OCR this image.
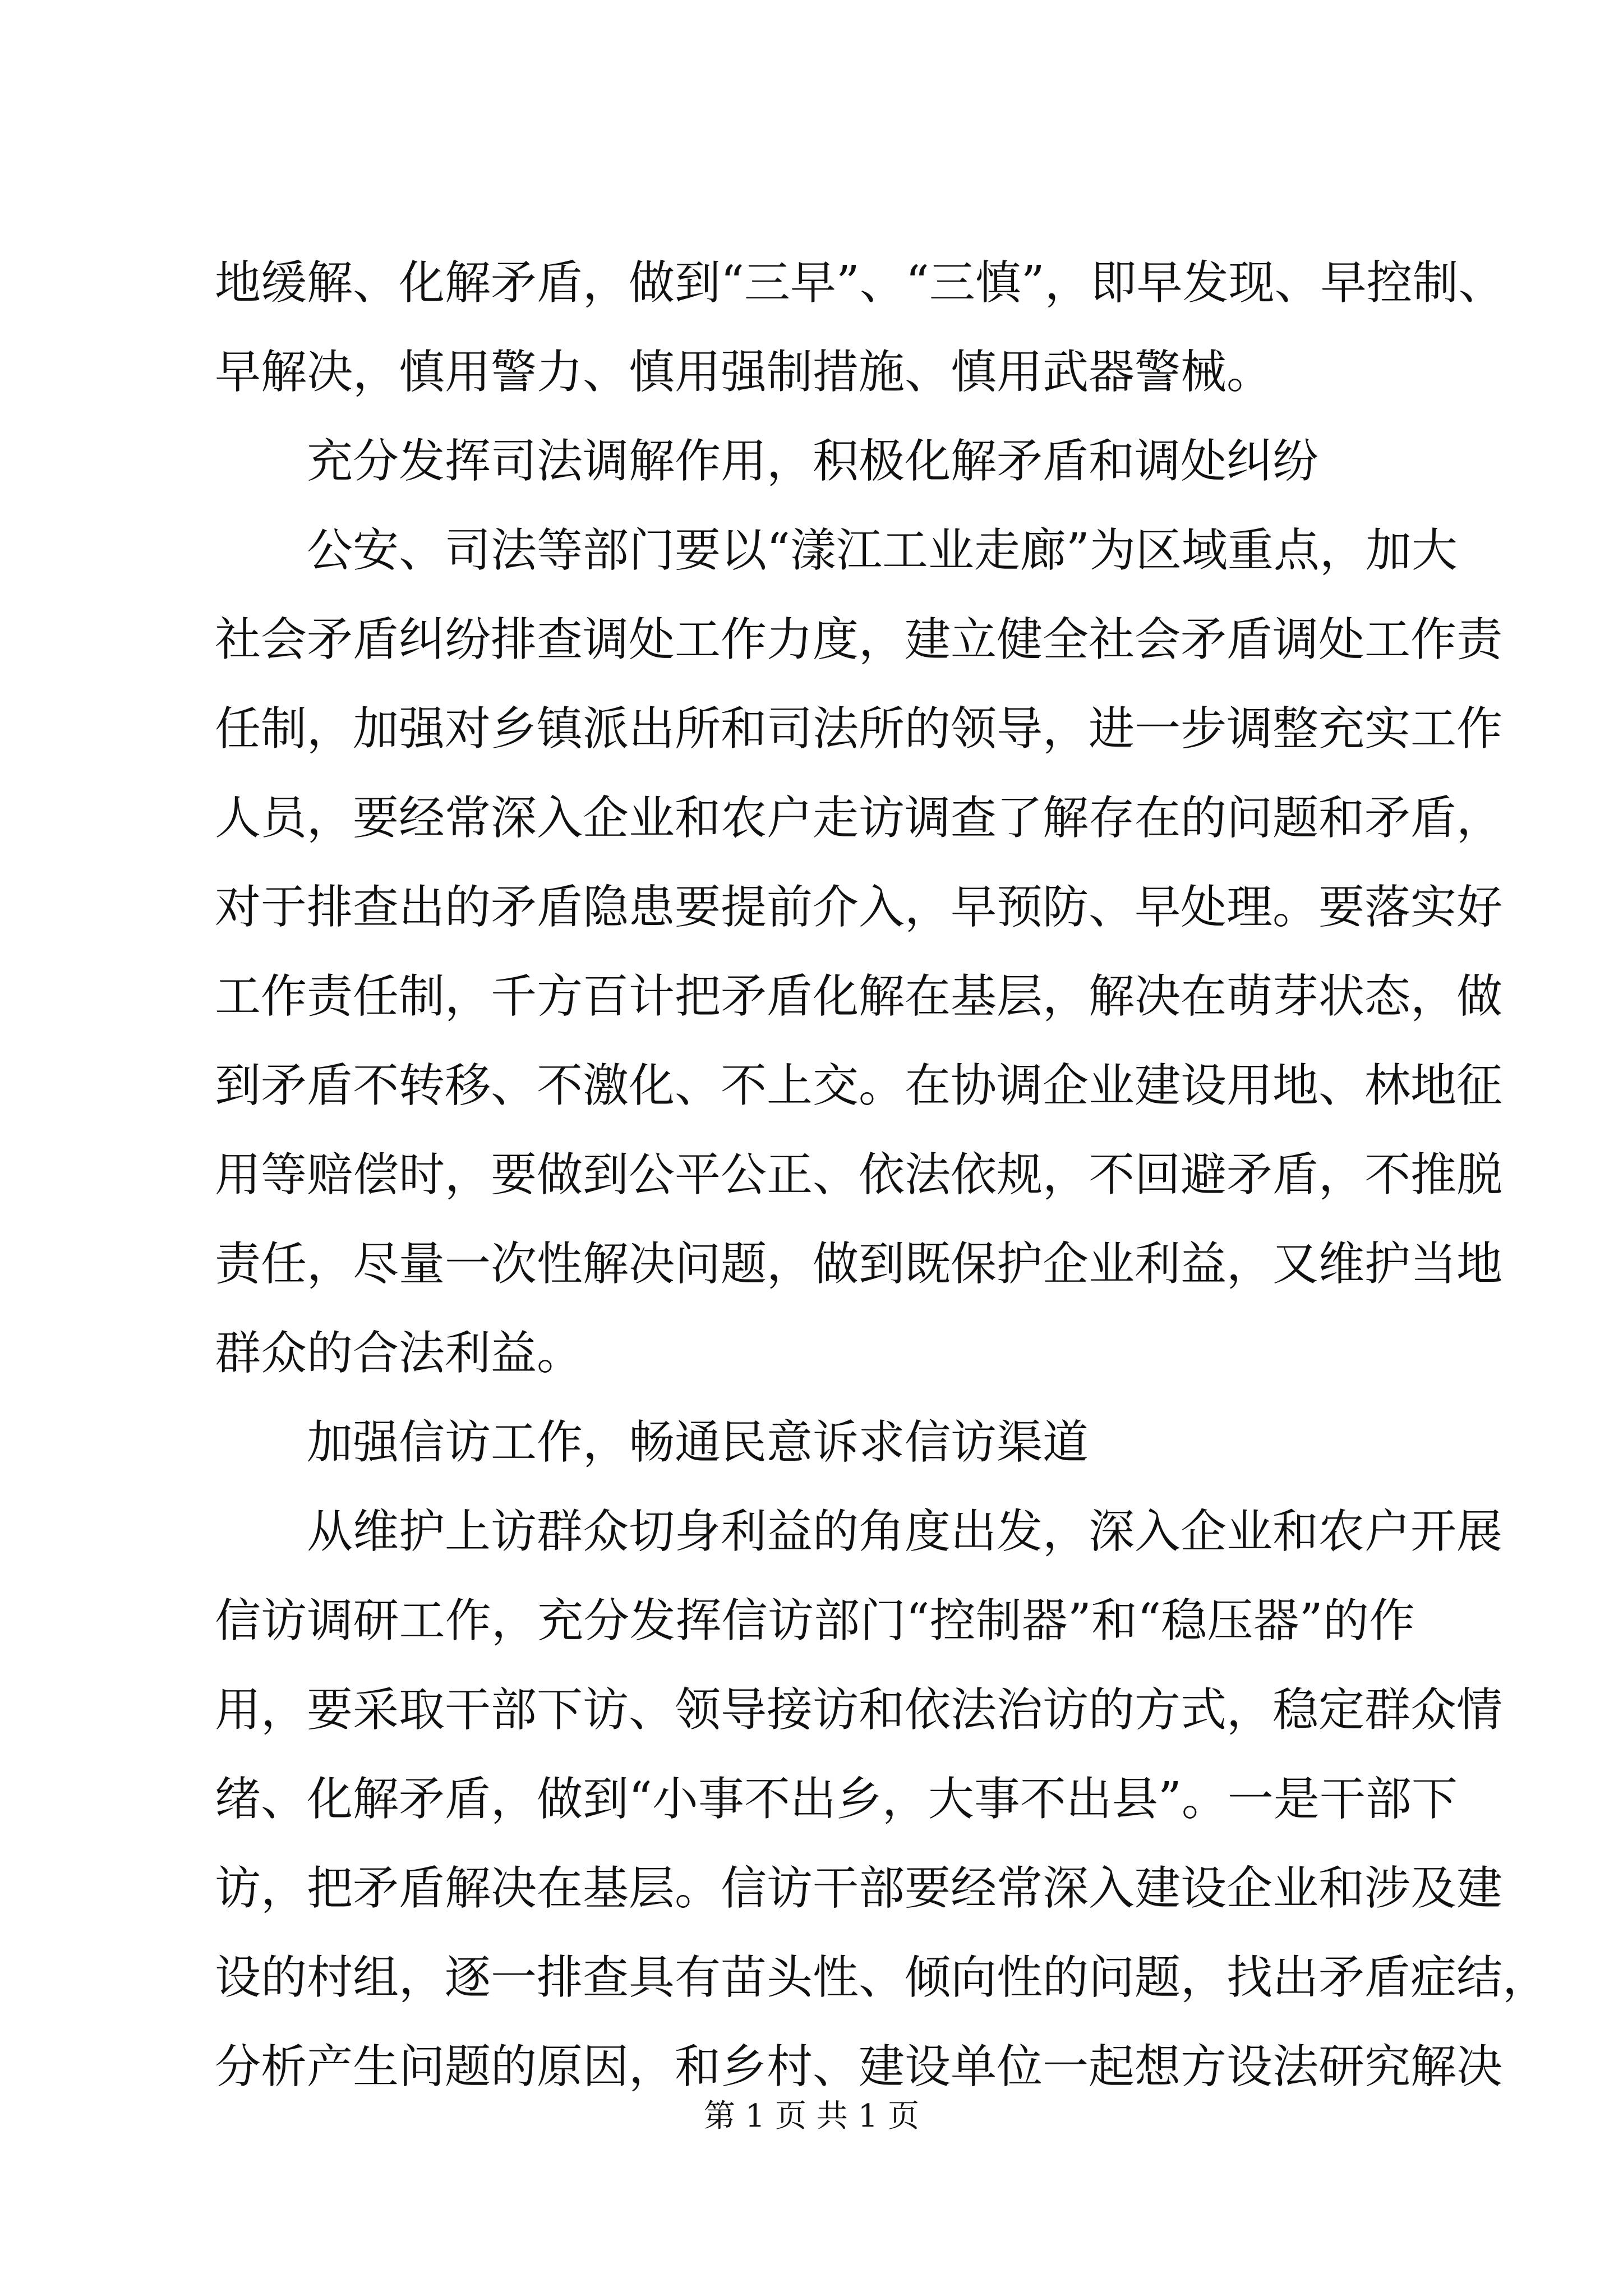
地缓解、化解矛盾，做到“三早”、“三慎”，即早发现、早控制、
早解决，慎用警力、慎用强制措施、慎用武器警械。
充分发挥司法调解作用，积极化解矛盾和调处纠纷
公安、司法等部门要以“漾江工业走廊”为区域重点，加大
社会矛盾纠纷排查调处工作力度，建立健全社会矛盾调处工作责
任制，加强对乡镇派出所和司法所的领导，进一步调整充实工作
人员，要经常深入企业和农户走访调查了解存在的问题和矛盾，
对于排查出的矛盾隐患要提前介入，早预防、早处理。要落实好
工作责任制，千方百计把矛盾化解在基层，解决在萌芽状态，做
到矛盾不转移、不激化、不上交。在协调企业建设用地、林地征
用等赔偿时，要做到公平公正、依法依规，不回避矛盾，不推脱
责任，尽量一次性解决问题，做到既保护企业利益，又维护当地
群众的合法利益。
加强信访工作，畅通民意诉求信访渠道
从维护上访群众切身利益的角度出发，深入企业和农户开展
信访调研工作，充分发挥信访部门“控制器”和“稳压器”的作
用，要采取干部下访、领导接访和依法治访的方式，稳定群众情
绪、化解矛盾，做到“小事不出乡，大事不出县”。一是干部下
访，把矛盾解决在基层。信访干部要经常深入建设企业和涉及建
设的村组，逐一排查具有苗头性、倾向性的问题，找出矛盾症结，
分析产生问题的原因，和乡村、建设单位一起想方设法研究解决
第 1 页 共 1 页
